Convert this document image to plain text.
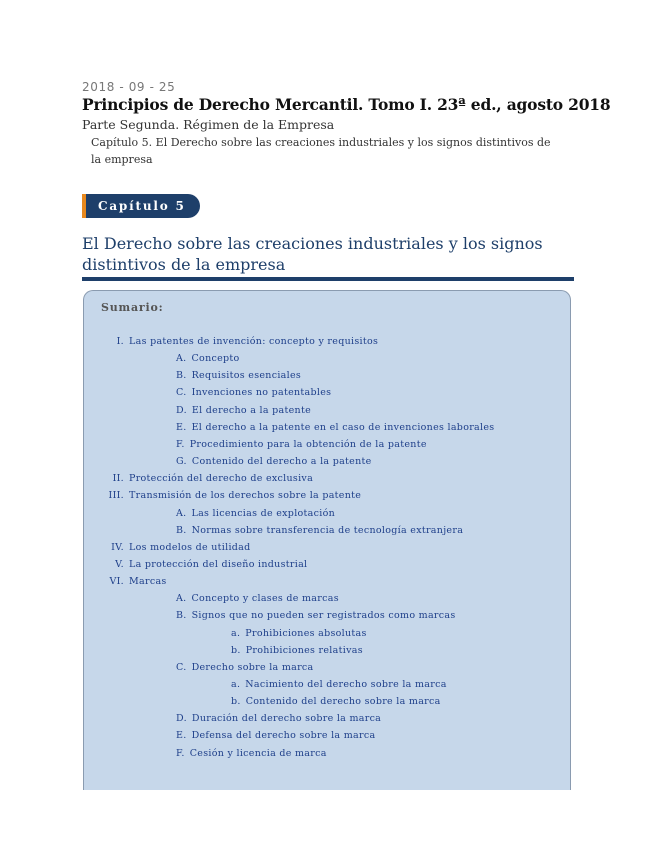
2018 - 09 - 25
Principios de Derecho Mercantil. Tomo I. 23ª ed., agosto 2018
Parte Segunda. Régimen de la Empresa
Capítulo 5. El Derecho sobre las creaciones industriales y los signos distintivos de la empresa
Capítulo 5
El Derecho sobre las creaciones industriales y los signos distintivos de la empresa
Sumario:
I. Las patentes de invención: concepto y requisitos
A. Concepto
B. Requisitos esenciales
C. Invenciones no patentables
D. El derecho a la patente
E. El derecho a la patente en el caso de invenciones laborales
F. Procedimiento para la obtención de la patente
G. Contenido del derecho a la patente
II. Protección del derecho de exclusiva
III. Transmisión de los derechos sobre la patente
A. Las licencias de explotación
B. Normas sobre transferencia de tecnología extranjera
IV. Los modelos de utilidad
V. La protección del diseño industrial
VI. Marcas
A. Concepto y clases de marcas
B. Signos que no pueden ser registrados como marcas
a. Prohibiciones absolutas
b. Prohibiciones relativas
C. Derecho sobre la marca
a. Nacimiento del derecho sobre la marca
b. Contenido del derecho sobre la marca
D. Duración del derecho sobre la marca
E. Defensa del derecho sobre la marca
F. Cesión y licencia de marca
